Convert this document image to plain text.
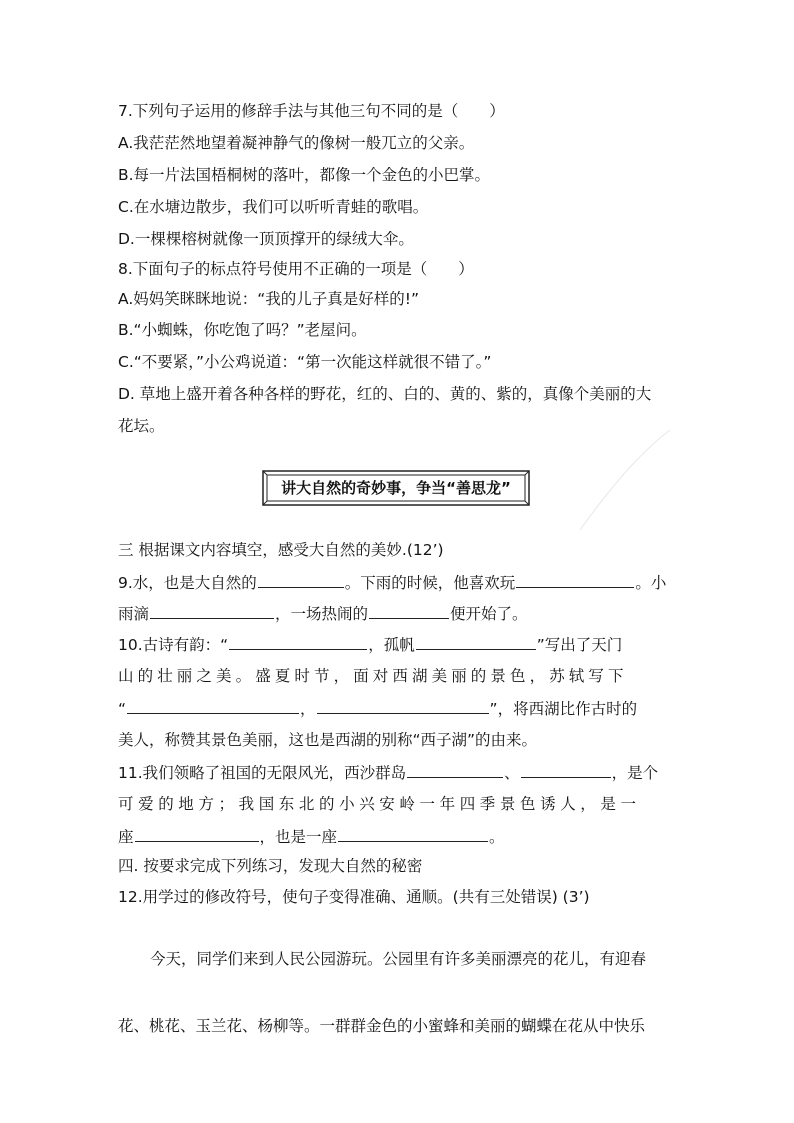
7.下列句子运用的修辞手法与其他三句不同的是（　　）
A.我茫茫然地望着凝神静气的像树一般兀立的父亲。
B.每一片法国梧桐树的落叶，都像一个金色的小巴掌。
C.在水塘边散步，我们可以听听青蛙的歌唱。
D.一棵棵榕树就像一顶顶撑开的绿绒大伞。
8.下面句子的标点符号使用不正确的一项是（　　）
A.妈妈笑眯眯地说：“我的儿子真是好样的!”
B.“小蜘蛛，你吃饱了吗？”老屋问。
C.“不要紧，”小公鸡说道：“第一次能这样就很不错了。”
D. 草地上盛开着各种各样的野花，红的、白的、黄的、紫的，真像个美丽的大
花坛。
讲大自然的奇妙事，争当“善思龙”
三 根据课文内容填空，感受大自然的美妙.(12’)
9.水，也是大自然的	。下雨的时候，他喜欢玩	。小
雨滴	，一场热闹的	便开始了。
10.古诗有韵：“	，孤帆	”写出了天门
山的壮丽之美。盛夏时节，面对西湖美丽的景色，苏轼写下
“	，	”，将西湖比作古时的
美人，称赞其景色美丽，这也是西湖的别称“西子湖”的由来。
11.我们领略了祖国的无限风光，西沙群岛	、	，是个
可爱的地方；我国东北的小兴安岭一年四季景色诱人，是一
座	，也是一座	。
四. 按要求完成下列练习，发现大自然的秘密
12.用学过的修改符号，使句子变得准确、通顺。(共有三处错误) (3’)
今天，同学们来到人民公园游玩。公园里有许多美丽漂亮的花儿，有迎春
花、桃花、玉兰花、杨柳等。一群群金色的小蜜蜂和美丽的蝴蝶在花从中快乐
